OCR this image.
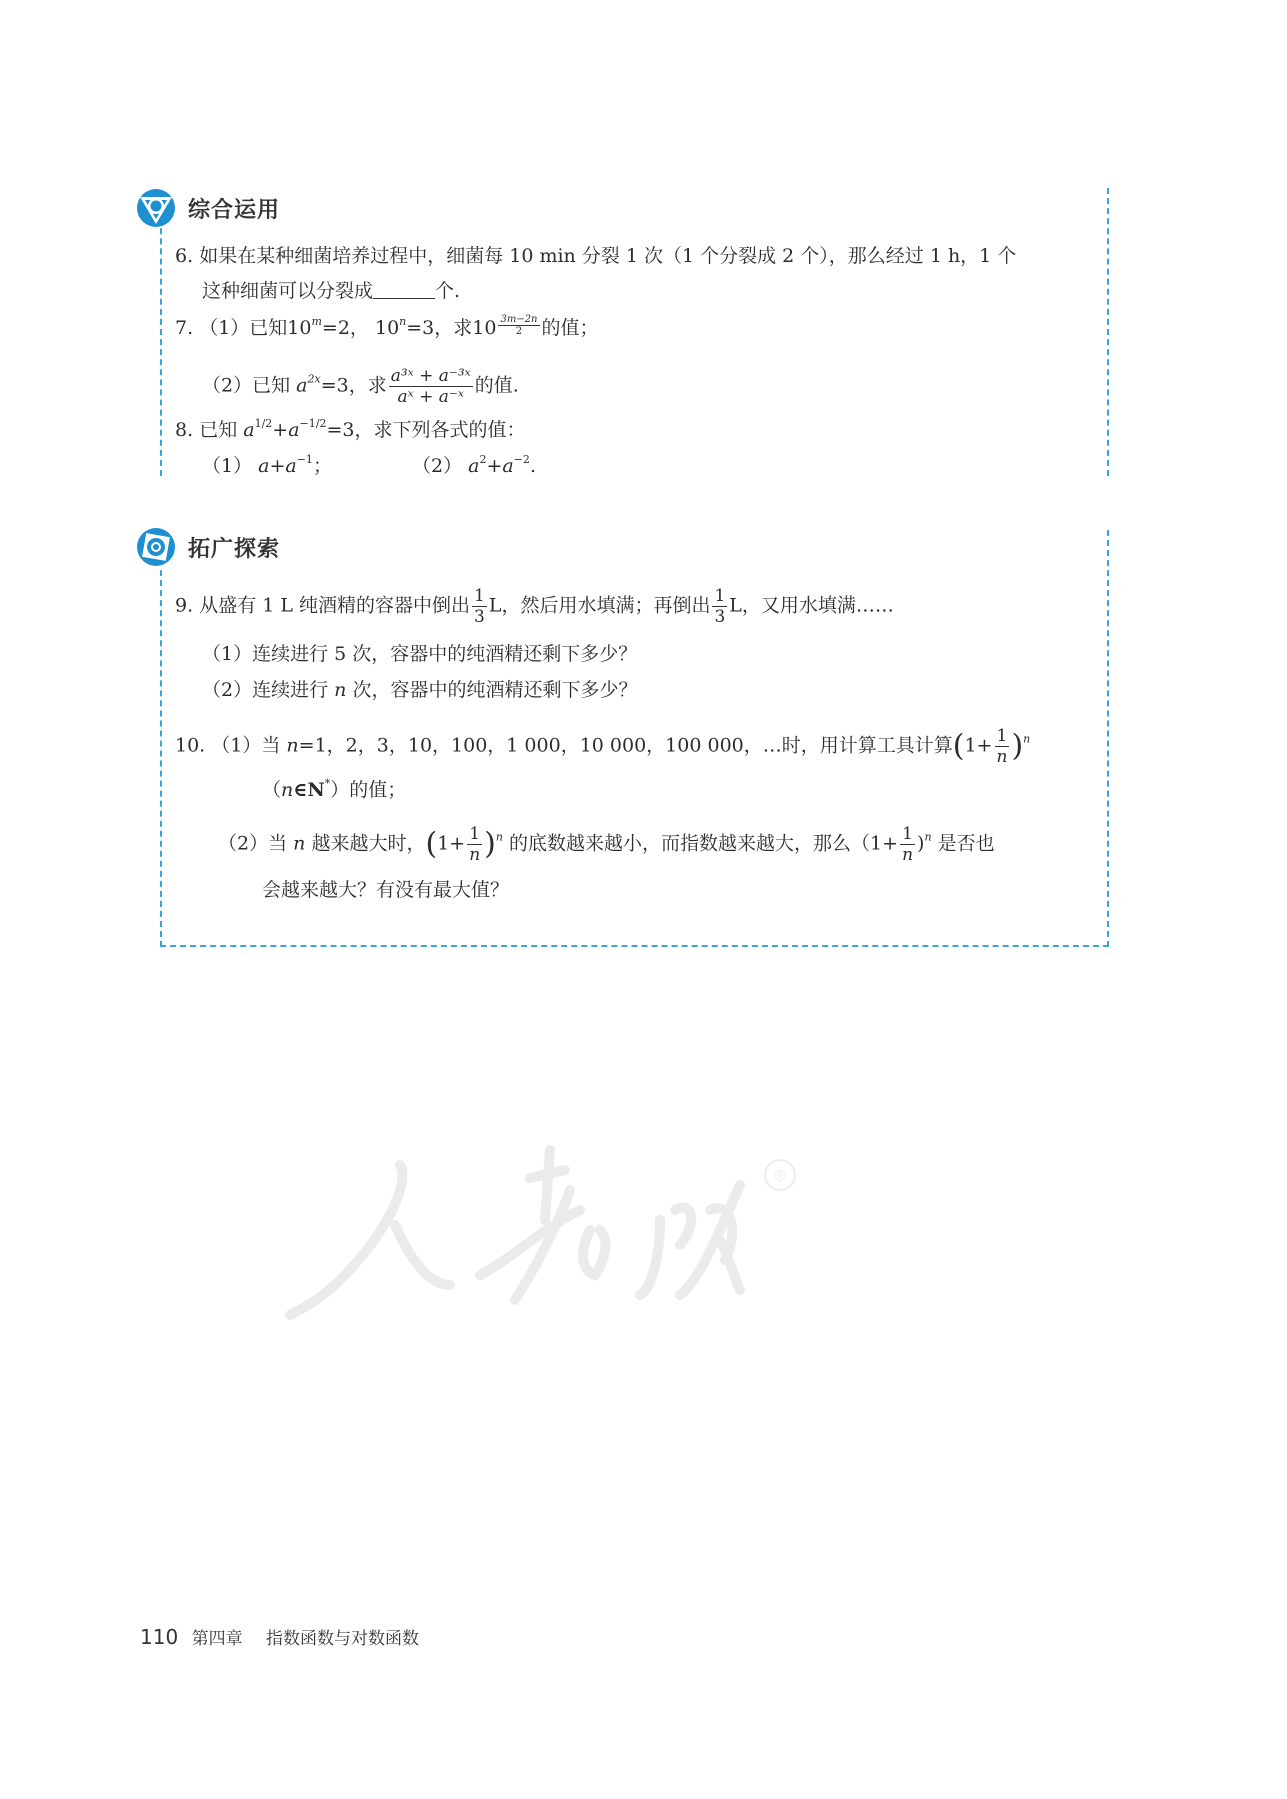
综合运用
6. 如果在某种细菌培养过程中，细菌每 10 min 分裂 1 次（1 个分裂成 2 个），那么经过 1 h，1 个
这种细菌可以分裂成	个.
7. （1）已知$10^m=2$， $10^n=3$，求$10 \frac{3m-2n}{2}$ 的值；
（2）已知 $a^{2x}=3$，求 $\frac{\text{a³ˣ + a⁻³ˣ}}{\text{aˣ + a⁻ˣ}}$ 的值.
8. 已知 $a^{1/2}+a^{-1/2}=3$，求下列各式的值：
（1） $a+a^{-1}$；	（2） $a^2+a^{-2}$.
拓广探索
9. 从盛有 1 L 纯酒精的容器中倒出 $\frac{1}{3}$ L，然后用水填满；再倒出 $\frac{1}{3}$ L，又用水填满……
（1）连续进行 5 次，容器中的纯酒精还剩下多少？
（2）连续进行 n 次，容器中的纯酒精还剩下多少？
10. （1）当 n=1，2，3，10，100，1 000，10 000，100 000，…时，用计算工具计算$(1+ \frac{1}{n} )^n$
（n∈N*）的值；
（2）当 n 越来越大时，$(1+ \frac{1}{n} )^n$ 的底数越来越小，而指数越来越大，那么$(1+ \frac{1}{n} )^n$ 是否也
会越来越大？有没有最大值？
®
110 第四章 指数函数与对数函数
